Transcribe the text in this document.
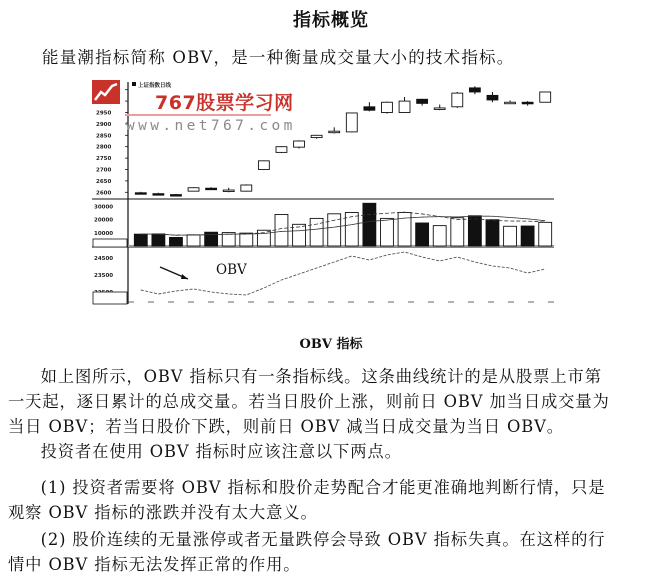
指标概览
能量潮指标简称 OBV，是一种衡量成交量大小的技术指标。
上证指数日线
2950
2900
2850
2800
2750
2700
2650
2600
30000
20000
10000
24500
23500
767股票学习网
www.net767.com
OBV
OBV 指标

如上图所示，OBV 指标只有一条指标线。这条曲线统计的是从股票上市第

一天起，逐日累计的总成交量。若当日股价上涨，则前日 OBV 加当日成交量为

当日 OBV；若当日股价下跌，则前日 OBV 减当日成交量为当日 OBV。

投资者在使用 OBV 指标时应该注意以下两点。

(1) 投资者需要将 OBV 指标和股价走势配合才能更准确地判断行情，只是

观察 OBV 指标的涨跌并没有太大意义。

(2) 股价连续的无量涨停或者无量跌停会导致 OBV 指标失真。在这样的行

情中 OBV 指标无法发挥正常的作用。
